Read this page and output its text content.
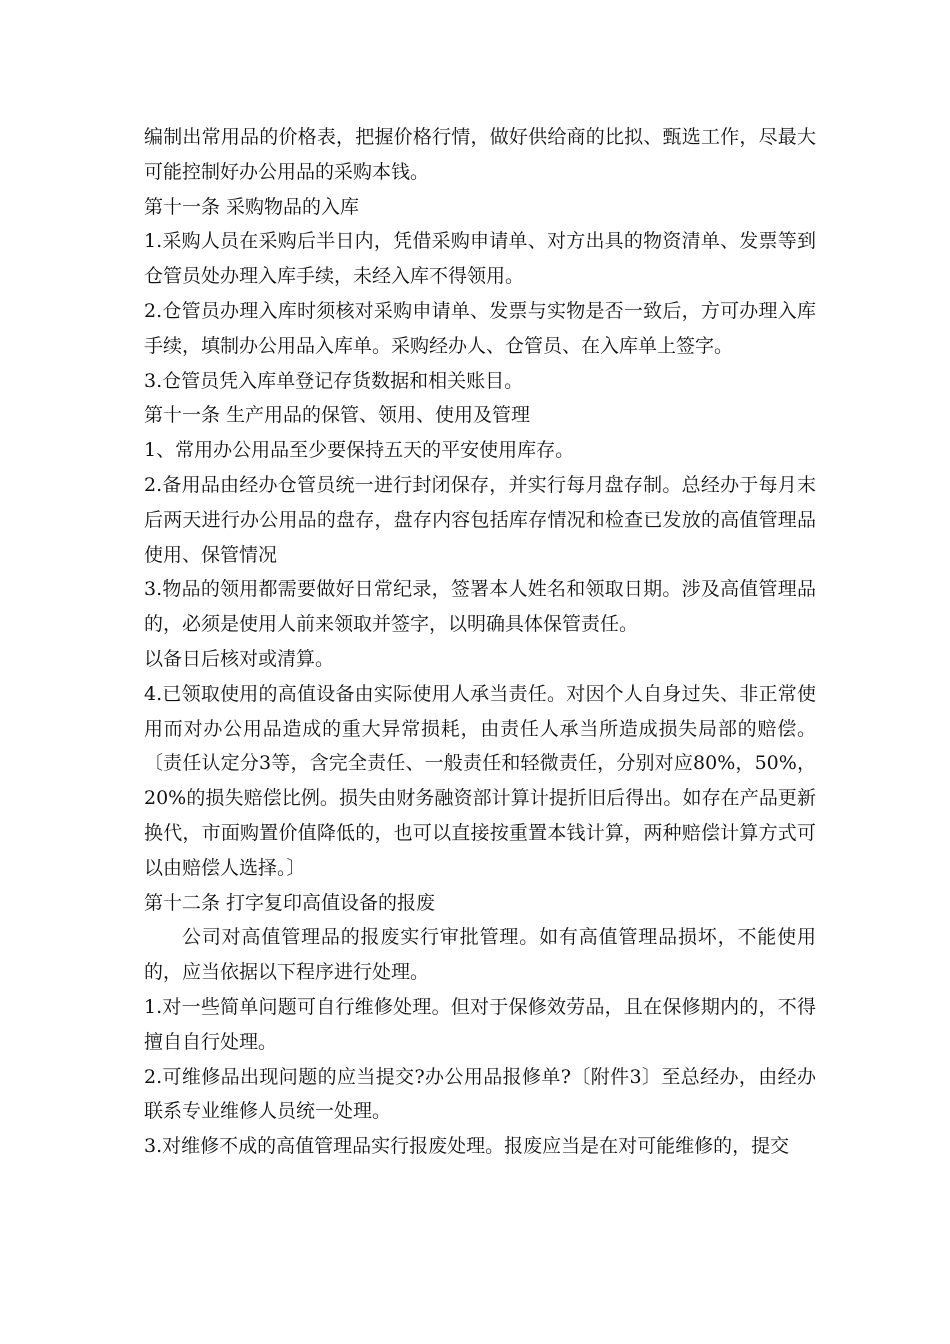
编制出常用品的价格表，把握价格行情，做好供给商的比拟、甄选工作，尽最大可能控制好办公用品的采购本钱。

第十一条 采购物品的入库

1.采购人员在采购后半日内，凭借采购申请单、对方出具的物资清单、发票等到仓管员处办理入库手续，未经入库不得领用。

2.仓管员办理入库时须核对采购申请单、发票与实物是否一致后，方可办理入库手续，填制办公用品入库单。采购经办人、仓管员、在入库单上签字。

3.仓管员凭入库单登记存货数据和相关账目。

第十一条 生产用品的保管、领用、使用及管理

1、常用办公用品至少要保持五天的平安使用库存。

2.备用品由经办仓管员统一进行封闭保存，并实行每月盘存制。总经办于每月末后两天进行办公用品的盘存，盘存内容包括库存情况和检查已发放的高值管理品使用、保管情况

3.物品的领用都需要做好日常纪录，签署本人姓名和领取日期。涉及高值管理品的，必须是使用人前来领取并签字，以明确具体保管责任。

以备日后核对或清算。

4.已领取使用的高值设备由实际使用人承当责任。对因个人自身过失、非正常使用而对办公用品造成的重大异常损耗，由责任人承当所造成损失局部的赔偿。〔责任认定分3等，含完全责任、一般责任和轻微责任，分别对应80%，50%，20%的损失赔偿比例。损失由财务融资部计算计提折旧后得出。如存在产品更新换代，市面购置价值降低的，也可以直接按重置本钱计算，两种赔偿计算方式可以由赔偿人选择。〕

第十二条 打字复印高值设备的报废

公司对高值管理品的报废实行审批管理。如有高值管理品损坏，不能使用的，应当依据以下程序进行处理。

1.对一些简单问题可自行维修处理。但对于保修效劳品，且在保修期内的，不得擅自自行处理。

2.可维修品出现问题的应当提交?办公用品报修单?〔附件3〕至总经办，由经办联系专业维修人员统一处理。

3.对维修不成的高值管理品实行报废处理。报废应当是在对可能维修的，提交
